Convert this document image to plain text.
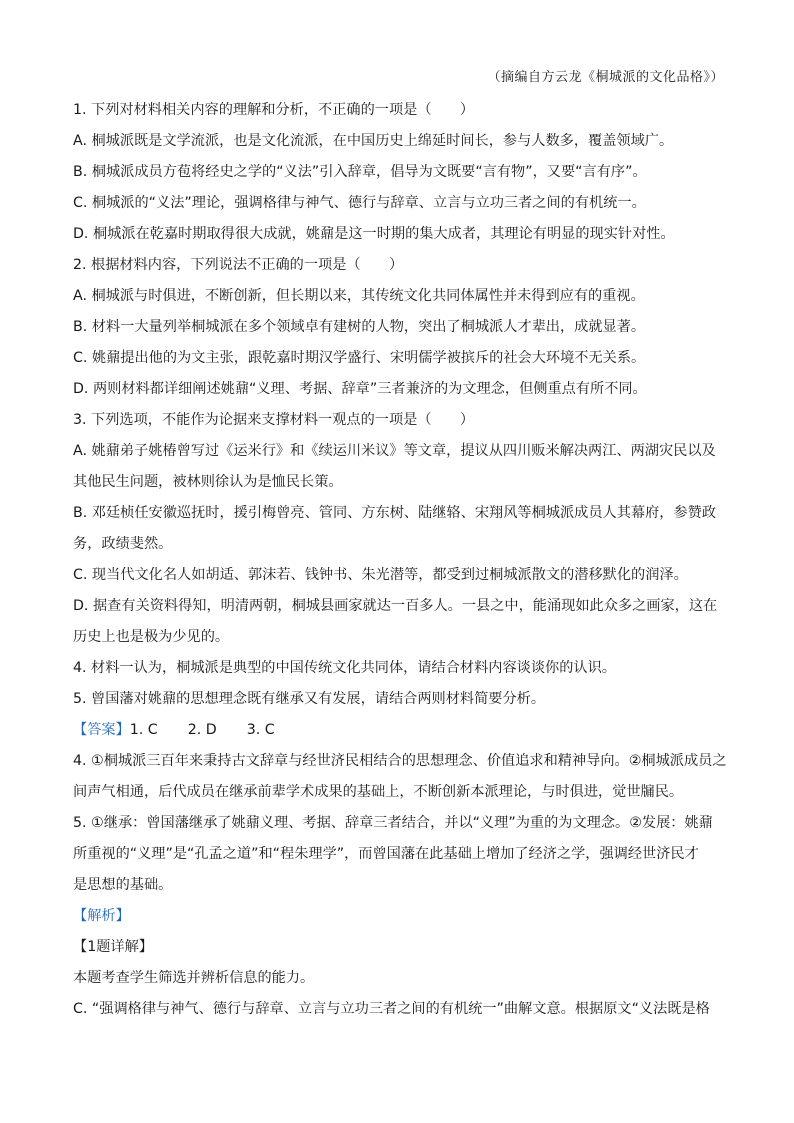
（摘编自方云龙《桐城派的文化品格》）
1. 下列对材料相关内容的理解和分析，不正确的一项是（　　）
A. 桐城派既是文学流派，也是文化流派，在中国历史上绵延时间长，参与人数多，覆盖领域广。
B. 桐城派成员方苞将经史之学的“义法”引入辞章，倡导为文既要“言有物”，又要“言有序”。
C. 桐城派的“义法”理论，强调格律与神气、德行与辞章、立言与立功三者之间的有机统一。
D. 桐城派在乾嘉时期取得很大成就，姚鼐是这一时期的集大成者，其理论有明显的现实针对性。
2. 根据材料内容，下列说法不正确的一项是（　　）
A. 桐城派与时俱进，不断创新，但长期以来，其传统文化共同体属性并未得到应有的重视。
B. 材料一大量列举桐城派在多个领域卓有建树的人物，突出了桐城派人才辈出，成就显著。
C. 姚鼐提出他的为文主张，跟乾嘉时期汉学盛行、宋明儒学被摈斥的社会大环境不无关系。
D. 两则材料都详细阐述姚鼐“义理、考据、辞章”三者兼济的为文理念，但侧重点有所不同。
3. 下列选项，不能作为论据来支撑材料一观点的一项是（　　）
A. 姚鼐弟子姚椿曾写过《运米行》和《续运川米议》等文章，提议从四川贩米解决两江、两湖灾民以及
其他民生问题，被林则徐认为是恤民长策。
B. 邓廷桢任安徽巡抚时，援引梅曾亮、管同、方东树、陆继辂、宋翔风等桐城派成员人其幕府，参赞政
务，政绩斐然。
C. 现当代文化名人如胡适、郭沫若、钱钟书、朱光潜等，都受到过桐城派散文的潜移默化的润泽。
D. 据查有关资料得知，明清两朝，桐城县画家就达一百多人。一县之中，能涌现如此众多之画家，这在
历史上也是极为少见的。
4. 材料一认为，桐城派是典型的中国传统文化共同体，请结合材料内容谈谈你的认识。
5. 曾国藩对姚鼐的思想理念既有继承又有发展，请结合两则材料简要分析。
【答案】1. C 2. D 3. C
4. ①桐城派三百年来秉持古文辞章与经世济民相结合的思想理念、价值追求和精神导向。②桐城派成员之
间声气相通，后代成员在继承前辈学术成果的基础上，不断创新本派理论，与时俱进，觉世牖民。
5. ①继承：曾国藩继承了姚鼐义理、考据、辞章三者结合，并以“义理”为重的为文理念。②发展：姚鼐
所重视的“义理”是“孔孟之道”和“程朱理学”，而曾国藩在此基础上增加了经济之学，强调经世济民才
是思想的基础。
【解析】
【1题详解】
本题考查学生筛选并辨析信息的能力。
C. “强调格律与神气、德行与辞章、立言与立功三者之间的有机统一”曲解文意。根据原文“义法既是格
